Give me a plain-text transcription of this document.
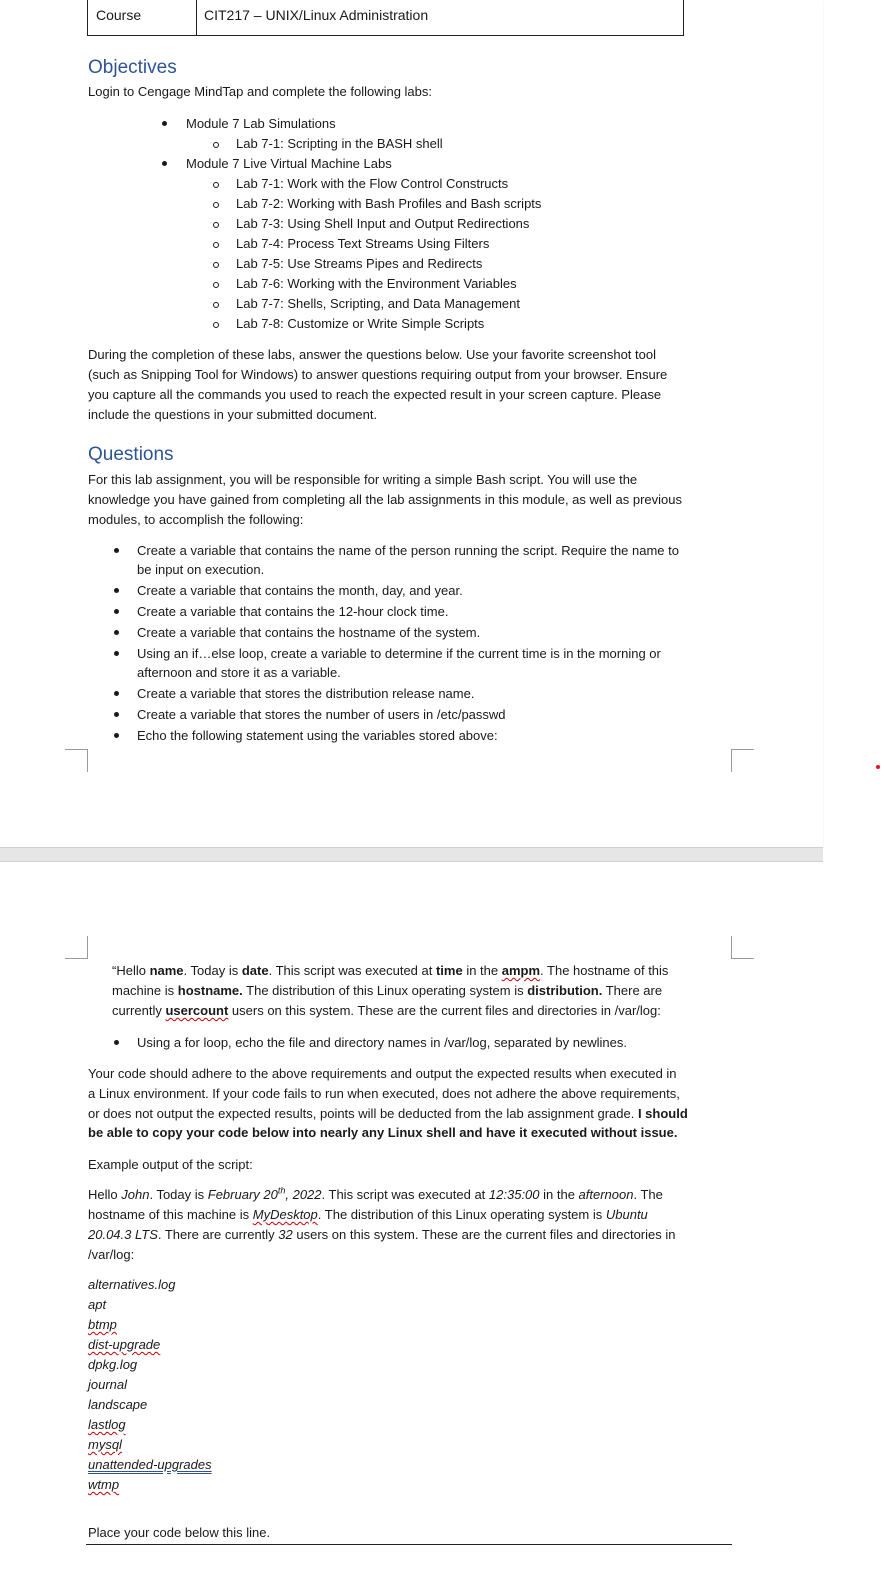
Course	CIT217 – UNIX/Linux Administration
Objectives
Login to Cengage MindTap and complete the following labs:
Module 7 Lab Simulations
Lab 7-1: Scripting in the BASH shell
Module 7 Live Virtual Machine Labs
Lab 7-1: Work with the Flow Control Constructs
Lab 7-2: Working with Bash Profiles and Bash scripts
Lab 7-3: Using Shell Input and Output Redirections
Lab 7-4: Process Text Streams Using Filters
Lab 7-5: Use Streams Pipes and Redirects
Lab 7-6: Working with the Environment Variables
Lab 7-7: Shells, Scripting, and Data Management
Lab 7-8: Customize or Write Simple Scripts
During the completion of these labs, answer the questions below. Use your favorite screenshot tool
(such as Snipping Tool for Windows) to answer questions requiring output from your browser. Ensure
you capture all the commands you used to reach the expected result in your screen capture. Please
include the questions in your submitted document.
Questions
For this lab assignment, you will be responsible for writing a simple Bash script. You will use the
knowledge you have gained from completing all the lab assignments in this module, as well as previous
modules, to accomplish the following:
Create a variable that contains the name of the person running the script. Require the name to
be input on execution.
Create a variable that contains the month, day, and year.
Create a variable that contains the 12-hour clock time.
Create a variable that contains the hostname of the system.
Using an if…else loop, create a variable to determine if the current time is in the morning or
afternoon and store it as a variable.
Create a variable that stores the distribution release name.
Create a variable that stores the number of users in /etc/passwd
Echo the following statement using the variables stored above:
“Hello name. Today is date. This script was executed at time in the ampm. The hostname of this
machine is hostname. The distribution of this Linux operating system is distribution. There are
currently usercount users on this system. These are the current files and directories in /var/log:
Using a for loop, echo the file and directory names in /var/log, separated by newlines.
Your code should adhere to the above requirements and output the expected results when executed in
a Linux environment. If your code fails to run when executed, does not adhere the above requirements,
or does not output the expected results, points will be deducted from the lab assignment grade. I should
be able to copy your code below into nearly any Linux shell and have it executed without issue.
Example output of the script:
Hello John. Today is February 20th, 2022. This script was executed at 12:35:00 in the afternoon. The
hostname of this machine is MyDesktop. The distribution of this Linux operating system is Ubuntu
20.04.3 LTS. There are currently 32 users on this system. These are the current files and directories in
/var/log:
alternatives.log
apt
btmp
dist-upgrade
dpkg.log
journal
landscape
lastlog
mysql
unattended-upgrades
wtmp
Place your code below this line.
